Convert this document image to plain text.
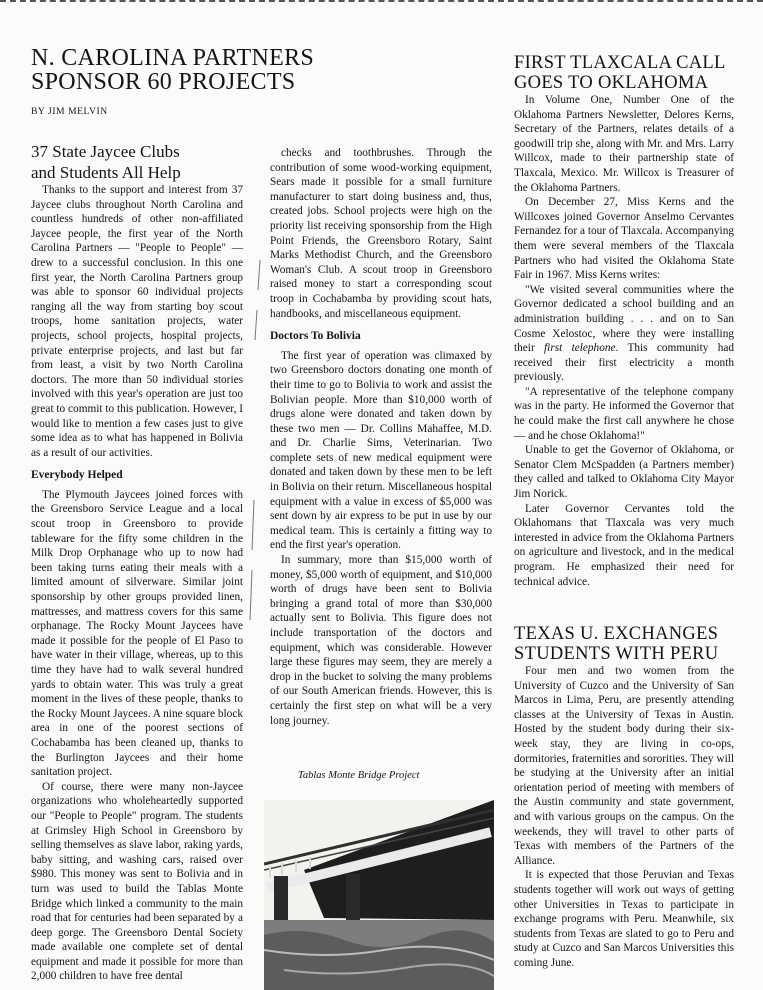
N. CAROLINA PARTNERS
SPONSOR 60 PROJECTS
BY JIM MELVIN
37 State Jaycee Clubs
and Students All Help

Thanks to the support and interest from 37 Jaycee clubs throughout North Carolina and countless hundreds of other non-affiliated Jaycee people, the first year of the North Carolina Partners — "People to People" — drew to a successful conclusion. In this one first year, the North Carolina Partners group was able to sponsor 60 individual projects ranging all the way from starting boy scout troops, home sanitation projects, water projects, school projects, hospital projects, private enterprise projects, and last but far from least, a visit by two North Carolina doctors. The more than 50 individual stories involved with this year's operation are just too great to commit to this publication. However, I would like to mention a few cases just to give some idea as to what has happened in Bolivia as a result of our activities.

Everybody Helped

The Plymouth Jaycees joined forces with the Greensboro Service League and a local scout troop in Greensboro to provide tableware for the fifty some children in the Milk Drop Orphanage who up to now had been taking turns eating their meals with a limited amount of silverware. Similar joint sponsorship by other groups provided linen, mattresses, and mattress covers for this same orphanage. The Rocky Mount Jaycees have made it possible for the people of El Paso to have water in their village, whereas, up to this time they have had to walk several hundred yards to obtain water. This was truly a great moment in the lives of these people, thanks to the Rocky Mount Jaycees. A nine square block area in one of the poorest sections of Cochabamba has been cleaned up, thanks to the Burlington Jaycees and their home sanitation project.

Of course, there were many non-Jaycee organizations who wholeheartedly supported our "People to People" program. The students at Grimsley High School in Greensboro by selling themselves as slave labor, raking yards, baby sitting, and washing cars, raised over $980. This money was sent to Bolivia and in turn was used to build the Tablas Monte Bridge which linked a community to the main road that for centuries had been separated by a deep gorge. The Greensboro Dental Society made available one complete set of dental equipment and made it possible for more than 2,000 children to have free dental

checks and toothbrushes. Through the contribution of some wood-working equipment, Sears made it possible for a small furniture manufacturer to start doing business and, thus, created jobs. School projects were high on the priority list receiving sponsorship from the High Point Friends, the Greensboro Rotary, Saint Marks Methodist Church, and the Greensboro Woman's Club. A scout troop in Greensboro raised money to start a corresponding scout troop in Cochabamba by providing scout hats, handbooks, and miscellaneous equipment.

Doctors To Bolivia

The first year of operation was climaxed by two Greensboro doctors donating one month of their time to go to Bolivia to work and assist the Bolivian people. More than $10,000 worth of drugs alone were donated and taken down by these two men — Dr. Collins Mahaffee, M.D. and Dr. Charlie Sims, Veterinarian. Two complete sets of new medical equipment were donated and taken down by these men to be left in Bolivia on their return. Miscellaneous hospital equipment with a value in excess of $5,000 was sent down by air express to be put in use by our medical team. This is certainly a fitting way to end the first year's operation.

In summary, more than $15,000 worth of money, $5,000 worth of equipment, and $10,000 worth of drugs have been sent to Bolivia bringing a grand total of more than $30,000 actually sent to Bolivia. This figure does not include transportation of the doctors and equipment, which was considerable. However large these figures may seem, they are merely a drop in the bucket to solving the many problems of our South American friends. However, this is certainly the first step on what will be a very long journey.

Tablas Monte Bridge Project
FIRST TLAXCALA CALL
GOES TO OKLAHOMA

In Volume One, Number One of the Oklahoma Partners Newsletter, Delores Kerns, Secretary of the Partners, relates details of a goodwill trip she, along with Mr. and Mrs. Larry Willcox, made to their partnership state of Tlaxcala, Mexico. Mr. Willcox is Treasurer of the Oklahoma Partners.

On December 27, Miss Kerns and the Willcoxes joined Governor Anselmo Cervantes Fernandez for a tour of Tlaxcala. Accompanying them were several members of the Tlaxcala Partners who had visited the Oklahoma State Fair in 1967. Miss Kerns writes:

"We visited several communities where the Governor dedicated a school building and an administration building . . . and on to San Cosme Xelostoc, where they were installing their first telephone. This community had received their first electricity a month previously.

"A representative of the telephone company was in the party. He informed the Governor that he could make the first call anywhere he chose — and he chose Oklahoma!"

Unable to get the Governor of Oklahoma, or Senator Clem McSpadden (a Partners member) they called and talked to Oklahoma City Mayor Jim Norick.

Later Governor Cervantes told the Oklahomans that Tlaxcala was very much interested in advice from the Oklahoma Partners on agriculture and livestock, and in the medical program. He emphasized their need for technical advice.

TEXAS U. EXCHANGES
STUDENTS WITH PERU

Four men and two women from the University of Cuzco and the University of San Marcos in Lima, Peru, are presently attending classes at the University of Texas in Austin. Hosted by the student body during their six-week stay, they are living in co-ops, dormitories, fraternities and sororities. They will be studying at the University after an initial orientation period of meeting with members of the Austin community and state government, and with various groups on the campus. On the weekends, they will travel to other parts of Texas with members of the Partners of the Alliance.

It is expected that those Peruvian and Texas students together will work out ways of getting other Universities in Texas to participate in exchange programs with Peru. Meanwhile, six students from Texas are slated to go to Peru and study at Cuzco and San Marcos Universities this coming June.
